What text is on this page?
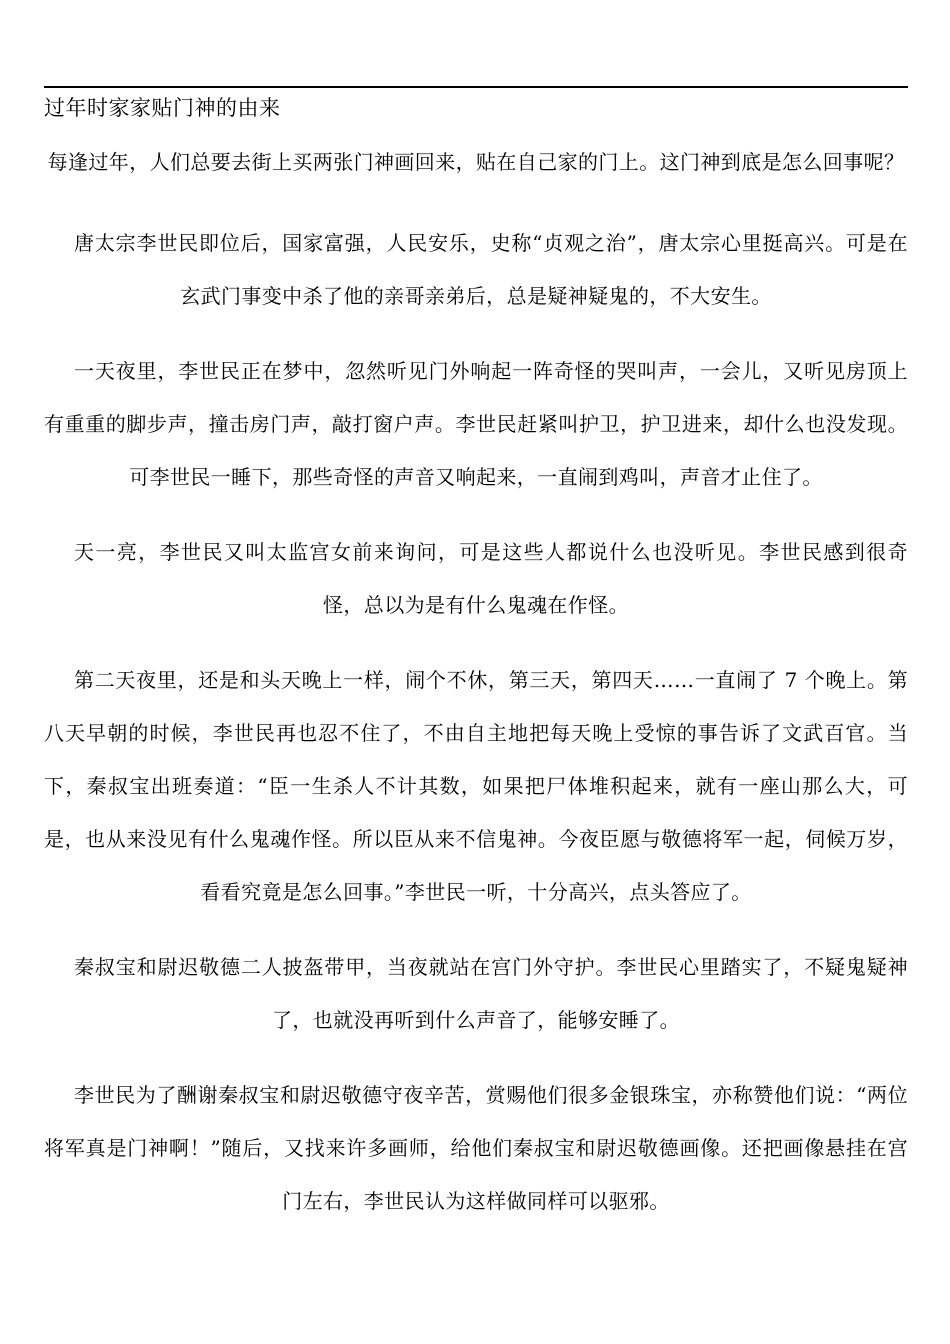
过年时家家贴门神的由来

每逢过年，人们总要去街上买两张门神画回来，贴在自己家的门上。这门神到底是怎么回事呢？

唐太宗李世民即位后，国家富强，人民安乐，史称“贞观之治”，唐太宗心里挺高兴。可是在玄武门事变中杀了他的亲哥亲弟后，总是疑神疑鬼的，不大安生。

一天夜里，李世民正在梦中，忽然听见门外响起一阵奇怪的哭叫声，一会儿，又听见房顶上有重重的脚步声，撞击房门声，敲打窗户声。李世民赶紧叫护卫，护卫进来，却什么也没发现。可李世民一睡下，那些奇怪的声音又响起来，一直闹到鸡叫，声音才止住了。

天一亮，李世民又叫太监宫女前来询问，可是这些人都说什么也没听见。李世民感到很奇怪，总以为是有什么鬼魂在作怪。

第二天夜里，还是和头天晚上一样，闹个不休，第三天，第四天……一直闹了 7 个晚上。第八天早朝的时候，李世民再也忍不住了，不由自主地把每天晚上受惊的事告诉了文武百官。当下，秦叔宝出班奏道：“臣一生杀人不计其数，如果把尸体堆积起来，就有一座山那么大，可是，也从来没见有什么鬼魂作怪。所以臣从来不信鬼神。今夜臣愿与敬德将军一起，伺候万岁，看看究竟是怎么回事。”李世民一听，十分高兴，点头答应了。

秦叔宝和尉迟敬德二人披盔带甲，当夜就站在宫门外守护。李世民心里踏实了，不疑鬼疑神了，也就没再听到什么声音了，能够安睡了。

李世民为了酬谢秦叔宝和尉迟敬德守夜辛苦，赏赐他们很多金银珠宝，亦称赞他们说：“两位将军真是门神啊！”随后，又找来许多画师，给他们秦叔宝和尉迟敬德画像。还把画像悬挂在宫门左右，李世民认为这样做同样可以驱邪。
